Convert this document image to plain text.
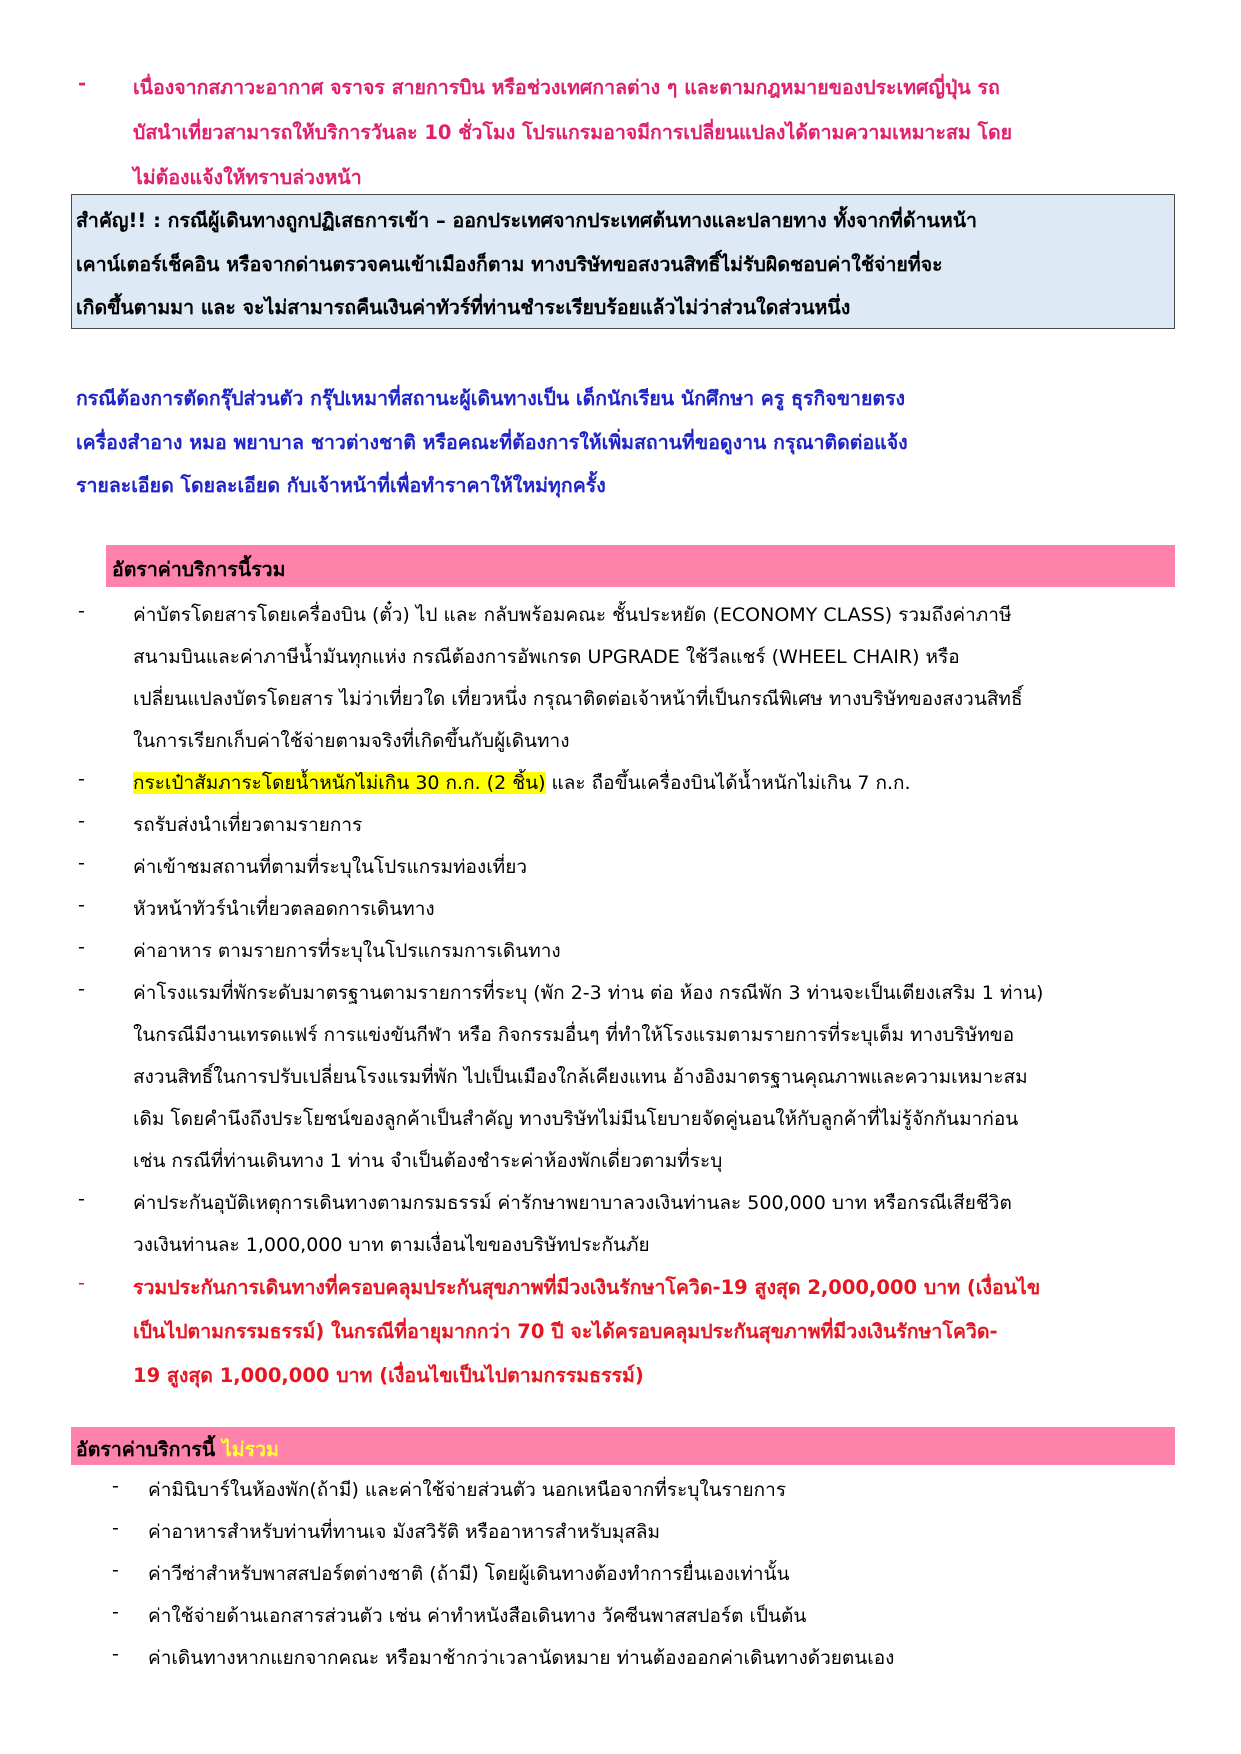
- เนื่องจากสภาวะอากาศ จราจร สายการบิน หรือช่วงเทศกาลต่าง ๆ และตามกฎหมายของประเทศญี่ปุ่น รถ
บัสนำเที่ยวสามารถให้บริการวันละ 10 ชั่วโมง โปรแกรมอาจมีการเปลี่ยนแปลงได้ตามความเหมาะสม โดย
ไม่ต้องแจ้งให้ทราบล่วงหน้า
สำคัญ!! : กรณีผู้เดินทางถูกปฏิเสธการเข้า – ออกประเทศจากประเทศต้นทางและปลายทาง ทั้งจากที่ด้านหน้า
เคาน์เตอร์เช็คอิน หรือจากด่านตรวจคนเข้าเมืองก็ตาม ทางบริษัทขอสงวนสิทธิ์ไม่รับผิดชอบค่าใช้จ่ายที่จะ
เกิดขึ้นตามมา และ จะไม่สามารถคืนเงินค่าทัวร์ที่ท่านชำระเรียบร้อยแล้วไม่ว่าส่วนใดส่วนหนึ่ง
กรณีต้องการตัดกรุ๊ปส่วนตัว กรุ๊ปเหมาที่สถานะผู้เดินทางเป็น เด็กนักเรียน นักศึกษา ครู ธุรกิจขายตรง
เครื่องสำอาง หมอ พยาบาล ชาวต่างชาติ หรือคณะที่ต้องการให้เพิ่มสถานที่ขอดูงาน กรุณาติดต่อแจ้ง
รายละเอียด โดยละเอียด กับเจ้าหน้าที่เพื่อทำราคาให้ใหม่ทุกครั้ง
อัตราค่าบริการนี้รวม
-	ค่าบัตรโดยสารโดยเครื่องบิน (ตั๋ว) ไป และ กลับพร้อมคณะ ชั้นประหยัด (ECONOMY CLASS) รวมถึงค่าภาษี
สนามบินและค่าภาษีน้ำมันทุกแห่ง กรณีต้องการอัพเกรด UPGRADE ใช้วีลแชร์ (WHEEL CHAIR) หรือ
เปลี่ยนแปลงบัตรโดยสาร ไม่ว่าเที่ยวใด เที่ยวหนึ่ง กรุณาติดต่อเจ้าหน้าที่เป็นกรณีพิเศษ ทางบริษัทของสงวนสิทธิ์
ในการเรียกเก็บค่าใช้จ่ายตามจริงที่เกิดขึ้นกับผู้เดินทาง
-	กระเป๋าสัมภาระโดยน้ำหนักไม่เกิน 30 ก.ก. (2 ชิ้น) และ ถือขึ้นเครื่องบินได้น้ำหนักไม่เกิน 7 ก.ก.
-	รถรับส่งนำเที่ยวตามรายการ
-	ค่าเข้าชมสถานที่ตามที่ระบุในโปรแกรมท่องเที่ยว
-	หัวหน้าทัวร์นำเที่ยวตลอดการเดินทาง
-	ค่าอาหาร ตามรายการที่ระบุในโปรแกรมการเดินทาง
-	ค่าโรงแรมที่พักระดับมาตรฐานตามรายการที่ระบุ (พัก 2-3 ท่าน ต่อ ห้อง กรณีพัก 3 ท่านจะเป็นเตียงเสริม 1 ท่าน)
ในกรณีมีงานเทรดแฟร์ การแข่งขันกีฬา หรือ กิจกรรมอื่นๆ ที่ทำให้โรงแรมตามรายการที่ระบุเต็ม ทางบริษัทขอ
สงวนสิทธิ์ในการปรับเปลี่ยนโรงแรมที่พัก ไปเป็นเมืองใกล้เคียงแทน อ้างอิงมาตรฐานคุณภาพและความเหมาะสม
เดิม โดยคำนึงถึงประโยชน์ของลูกค้าเป็นสำคัญ ทางบริษัทไม่มีนโยบายจัดคู่นอนให้กับลูกค้าที่ไม่รู้จักกันมาก่อน
เช่น กรณีที่ท่านเดินทาง 1 ท่าน จำเป็นต้องชำระค่าห้องพักเดี่ยวตามที่ระบุ
-	ค่าประกันอุบัติเหตุการเดินทางตามกรมธรรม์ ค่ารักษาพยาบาลวงเงินท่านละ 500,000 บาท หรือกรณีเสียชีวิต
วงเงินท่านละ 1,000,000 บาท ตามเงื่อนไขของบริษัทประกันภัย
- รวมประกันการเดินทางที่ครอบคลุมประกันสุขภาพที่มีวงเงินรักษาโควิด-19 สูงสุด 2,000,000 บาท (เงื่อนไข
เป็นไปตามกรรมธรรม์) ในกรณีที่อายุมากกว่า 70 ปี จะได้ครอบคลุมประกันสุขภาพที่มีวงเงินรักษาโควิด-
19 สูงสุด 1,000,000 บาท (เงื่อนไขเป็นไปตามกรรมธรรม์)
อัตราค่าบริการนี้ ไม่รวม
- ค่ามินิบาร์ในห้องพัก(ถ้ามี) และค่าใช้จ่ายส่วนตัว นอกเหนือจากที่ระบุในรายการ
- ค่าอาหารสำหรับท่านที่ทานเจ มังสวิรัติ หรืออาหารสำหรับมุสลิม
- ค่าวีซ่าสำหรับพาสสปอร์ตต่างชาติ (ถ้ามี) โดยผู้เดินทางต้องทำการยื่นเองเท่านั้น
- ค่าใช้จ่ายด้านเอกสารส่วนตัว เช่น ค่าทำหนังสือเดินทาง วัคซีนพาสสปอร์ต เป็นต้น
- ค่าเดินทางหากแยกจากคณะ หรือมาช้ากว่าเวลานัดหมาย ท่านต้องออกค่าเดินทางด้วยตนเอง
